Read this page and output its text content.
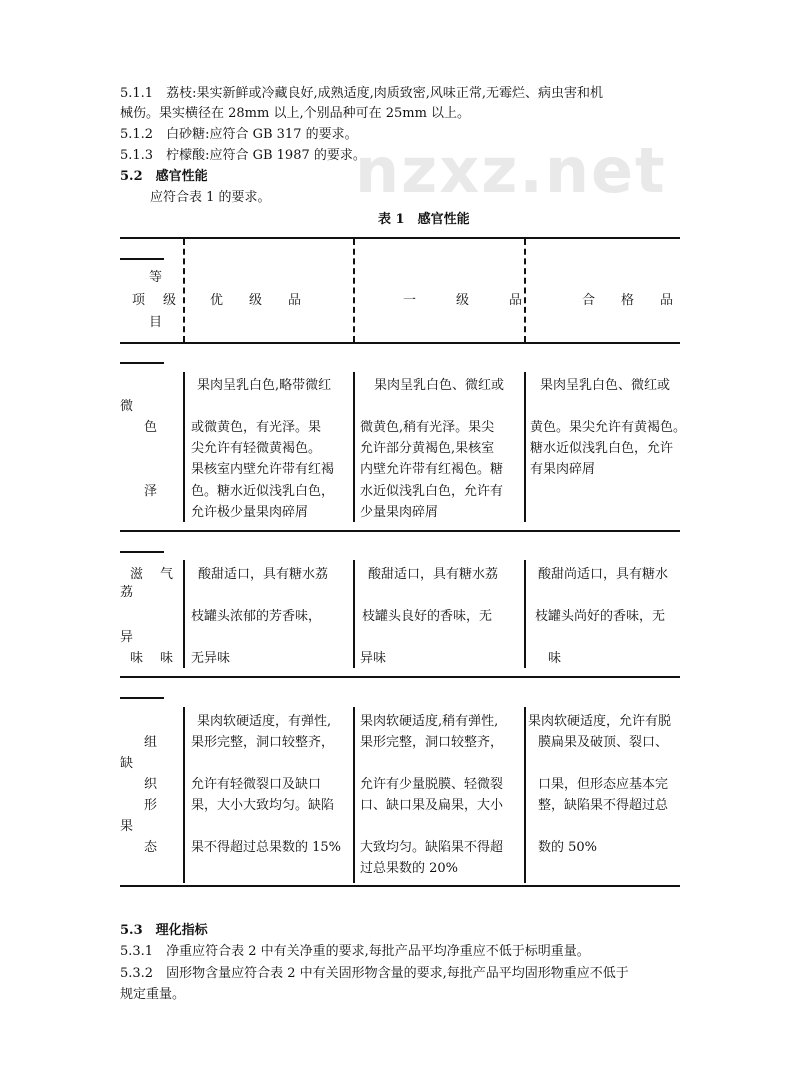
nzxz.net
5.1.1　荔枝:果实新鲜或冷藏良好,成熟适度,肉质致密,风味正常,无霉烂、病虫害和机
械伤。果实横径在 28mm 以上,个别品种可在 25mm 以上。
5.1.2　白砂糖:应符合 GB 317 的要求。
5.1.3　柠檬酸:应符合 GB 1987 的要求。
5.2　感官性能
应符合表 1 的要求。
表 1　感官性能
等
项 级
目
优级品	一级品 合格品
微
色
泽
果肉呈乳白色,略带微红
或微黄色，有光泽。果
尖允许有轻微黄褐色。
果核室内壁允许带有红褐
色。糖水近似浅乳白色，
允许极少量果肉碎屑
果肉呈乳白色、微红或
微黄色,稍有光泽。果尖
允许部分黄褐色,果核室
内壁允许带有红褐色。糖
水近似浅乳白色，允许有
少量果肉碎屑
果肉呈乳白色、微红或
黄色。果尖允许有黄褐色。
糖水近似浅乳白色，允许
有果肉碎屑
滋 气
荔
异
味 味
酸甜适口，具有糖水荔
枝罐头浓郁的芳香味，
无异味
酸甜适口，具有糖水荔
枝罐头良好的香味，无
异味
酸甜尚适口，具有糖水
枝罐头尚好的香味，无
味
组
缺
织
形
果
态
果肉软硬适度，有弹性,
果形完整，洞口较整齐，
允许有轻微裂口及缺口
果，大小大致均匀。缺陷
果不得超过总果数的 15%
果肉软硬适度,稍有弹性,
果形完整，洞口较整齐，
允许有少量脱膜、轻微裂
口、缺口果及扁果，大小
大致均匀。缺陷果不得超
过总果数的 20%
果肉软硬适度，允许有脱
膜扁果及破顶、裂口、
口果，但形态应基本完
整，缺陷果不得超过总
数的 50%
5.3　理化指标
5.3.1　净重应符合表 2 中有关净重的要求,每批产品平均净重应不低于标明重量。
5.3.2　固形物含量应符合表 2 中有关固形物含量的要求,每批产品平均固形物重应不低于
规定重量。
